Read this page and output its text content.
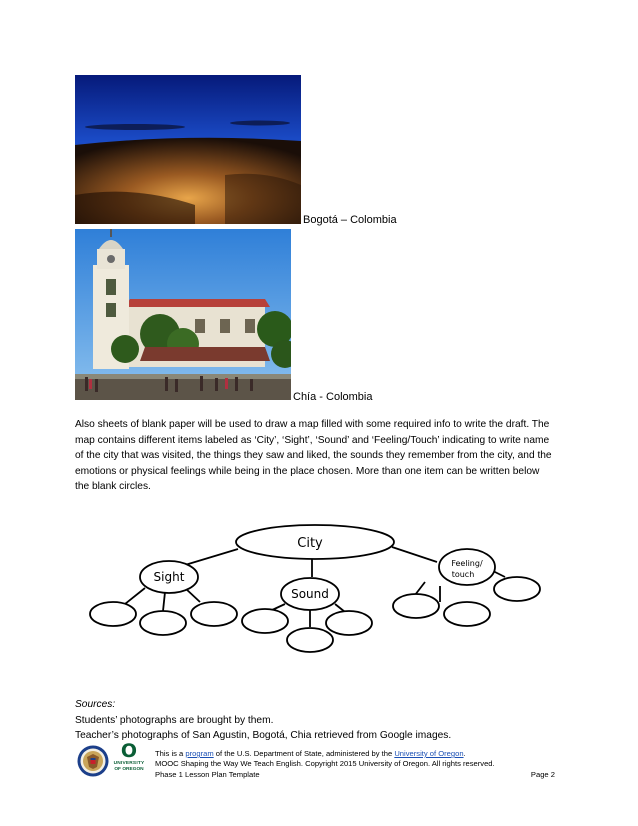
Bogotá – Colombia
Chía - Colombia
Also sheets of blank paper will be used to draw a map filled with some required info to write the draft. The map contains different items labeled as ‘City’, ‘Sight’, ‘Sound’ and ‘Feeling/Touch’ indicating to write name of the city that was visited, the things they saw and liked, the sounds they remember from the city, and the emotions or physical feelings while being in the place chosen. More than one item can be written below the blank circles.
City
Sight
Sound
Feeling/
touch
Sources:
Students’ photographs are brought by them.
Teacher’s photographs of San Agustin, Bogotá, Chia retrieved from Google images.
O
UNIVERSITY
OF OREGON
This is a program of the U.S. Department of State, administered by the University of Oregon.
MOOC Shaping the Way We Teach English. Copyright 2015 University of Oregon. All rights reserved.
Phase 1 Lesson Plan Template	Page 2
